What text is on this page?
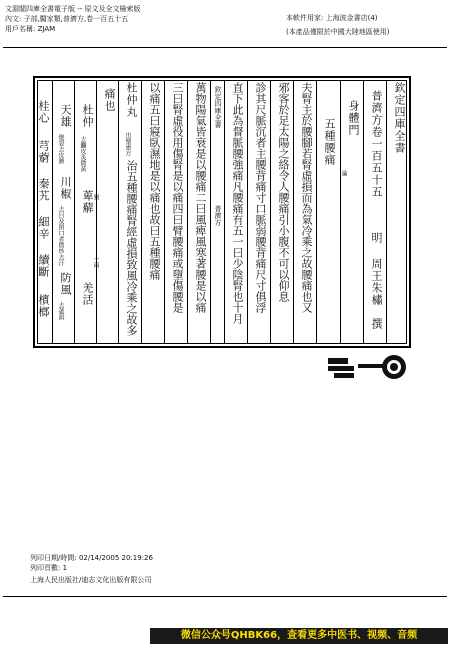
文淵閣四庫全書電子版 -- 原文及全文檢索版
內文: 子部,醫家類,普濟方,卷一百五十五
用戶名稱: ZJAM
本軟件用家: 上海波金書店(4)
(本產品僅限於中國大陸地區使用)
欽定四庫全書
普濟方卷一百五十五
明
周王朱橚　撰
身體門
五種腰痛
論
夫腎主於腰腳若腎虛損而為氣冷乘之故腰痛也又
邪客於足太陽之絡令人腰痛引小腹不可以仰息
診其尺脈沉者主腰背痛寸口脈弱腰背痛尺寸俱浮
直下此為督脈腰強痛凡腰痛有五一曰少陰腎也十月
欽定四庫全書
普濟方
萬物陽氣皆衰是以腰痛二曰風痺風寒著腰是以痛
三曰腎虛役用傷腎是以痛四曰臂腰痛或墮傷腰是
以痛五曰寢臥濕地是以痛也故曰五種腰痛
杜仲丸
出聖惠方
治五種腰痛腎經虛損致風冷乘之故多
痛也
杜仲
去麤皮炙微黃
萆薢
剉
羌活
一兩
天雄
炮裂去皮臍
川椒
去目及閉口者微炒去汗
防風
去蘆頭
桂心
芎藭
秦艽
細辛
續斷
檳榔
列印日期/時間: 02/14/2005 20:19:26
列印頁數: 1
上海人民出版社/迪志文化出版有限公司
微信公众号QHBK66，查看更多中医书、视频、音频
